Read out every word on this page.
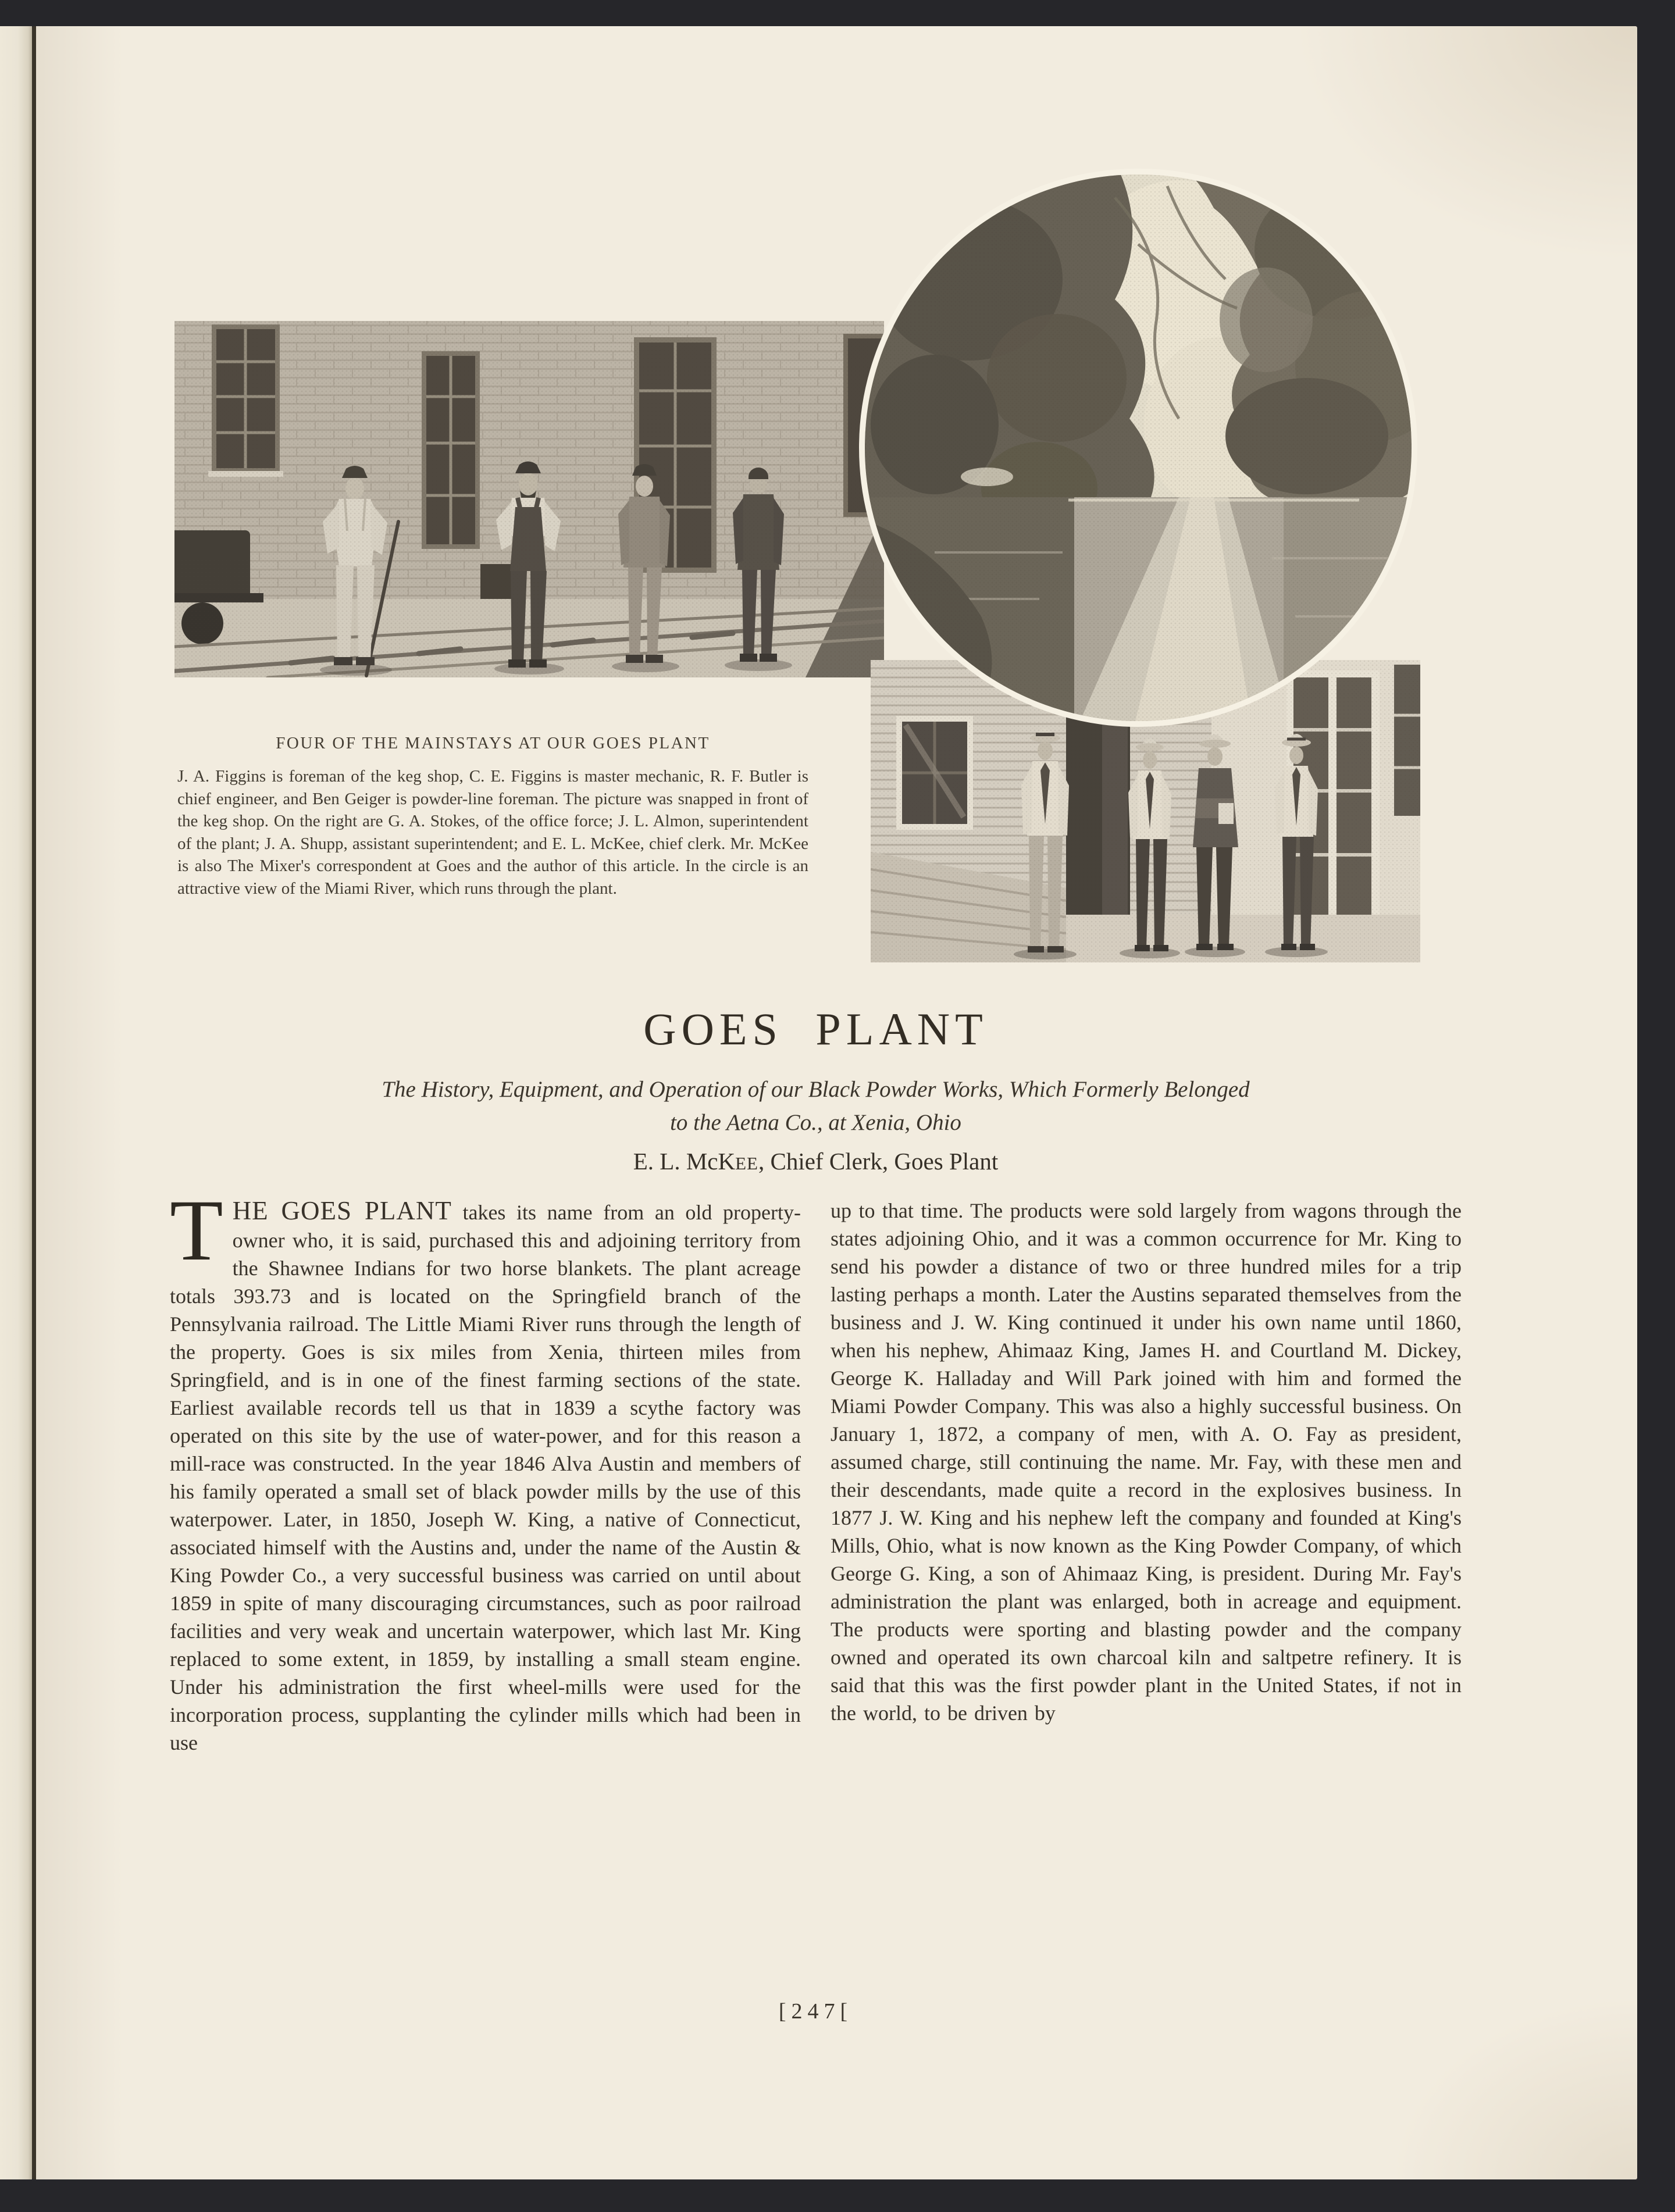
FOUR OF THE MAINSTAYS AT OUR GOES PLANT

J. A. Figgins is foreman of the keg shop, C. E. Figgins is master mechanic, R. F. Butler is chief engineer, and Ben Geiger is powder-line foreman. The picture was snapped in front of the keg shop. On the right are G. A. Stokes, of the office force; J. L. Almon, superintendent of the plant; J. A. Shupp, assistant superintendent; and E. L. McKee, chief clerk. Mr. McKee is also The Mixer's correspondent at Goes and the author of this article. In the circle is an attractive view of the Miami River, which runs through the plant.

GOES PLANT
The History, Equipment, and Operation of our Black Powder Works, Which Formerly Belonged
to the Aetna Co., at Xenia, Ohio
E. L. McKEE, Chief Clerk, Goes Plant
THE GOES PLANT takes its name from an old property-owner who, it is said, purchased this and adjoining territory from the Shawnee Indians for two horse blankets. The plant acreage totals 393.73 and is located on the Springfield branch of the Pennsylvania railroad. The Little Miami River runs through the length of the property. Goes is six miles from Xenia, thirteen miles from Springfield, and is in one of the finest farming sections of the state. Earliest available records tell us that in 1839 a scythe factory was operated on this site by the use of water-power, and for this reason a mill-race was constructed. In the year 1846 Alva Austin and members of his family operated a small set of black powder mills by the use of this waterpower. Later, in 1850, Joseph W. King, a native of Connecticut, associated himself with the Austins and, under the name of the Austin & King Powder Co., a very successful business was carried on until about 1859 in spite of many discouraging circumstances, such as poor railroad facilities and very weak and uncertain waterpower, which last Mr. King replaced to some extent, in 1859, by installing a small steam engine. Under his administration the first wheel-mills were used for the incorporation process, supplanting the cylinder mills which had been in use
up to that time. The products were sold largely from wagons through the states adjoining Ohio, and it was a common occurrence for Mr. King to send his powder a distance of two or three hundred miles for a trip lasting perhaps a month. Later the Austins separated themselves from the business and J. W. King continued it under his own name until 1860, when his nephew, Ahimaaz King, James H. and Courtland M. Dickey, George K. Halladay and Will Park joined with him and formed the Miami Powder Company. This was also a highly successful business. On January 1, 1872, a company of men, with A. O. Fay as president, assumed charge, still continuing the name. Mr. Fay, with these men and their descendants, made quite a record in the explosives business. In 1877 J. W. King and his nephew left the company and founded at King's Mills, Ohio, what is now known as the King Powder Company, of which George G. King, a son of Ahimaaz King, is president. During Mr. Fay's administration the plant was enlarged, both in acreage and equipment. The products were sporting and blasting powder and the company owned and operated its own charcoal kiln and saltpetre refinery. It is said that this was the first powder plant in the United States, if not in the world, to be driven by
[247[
